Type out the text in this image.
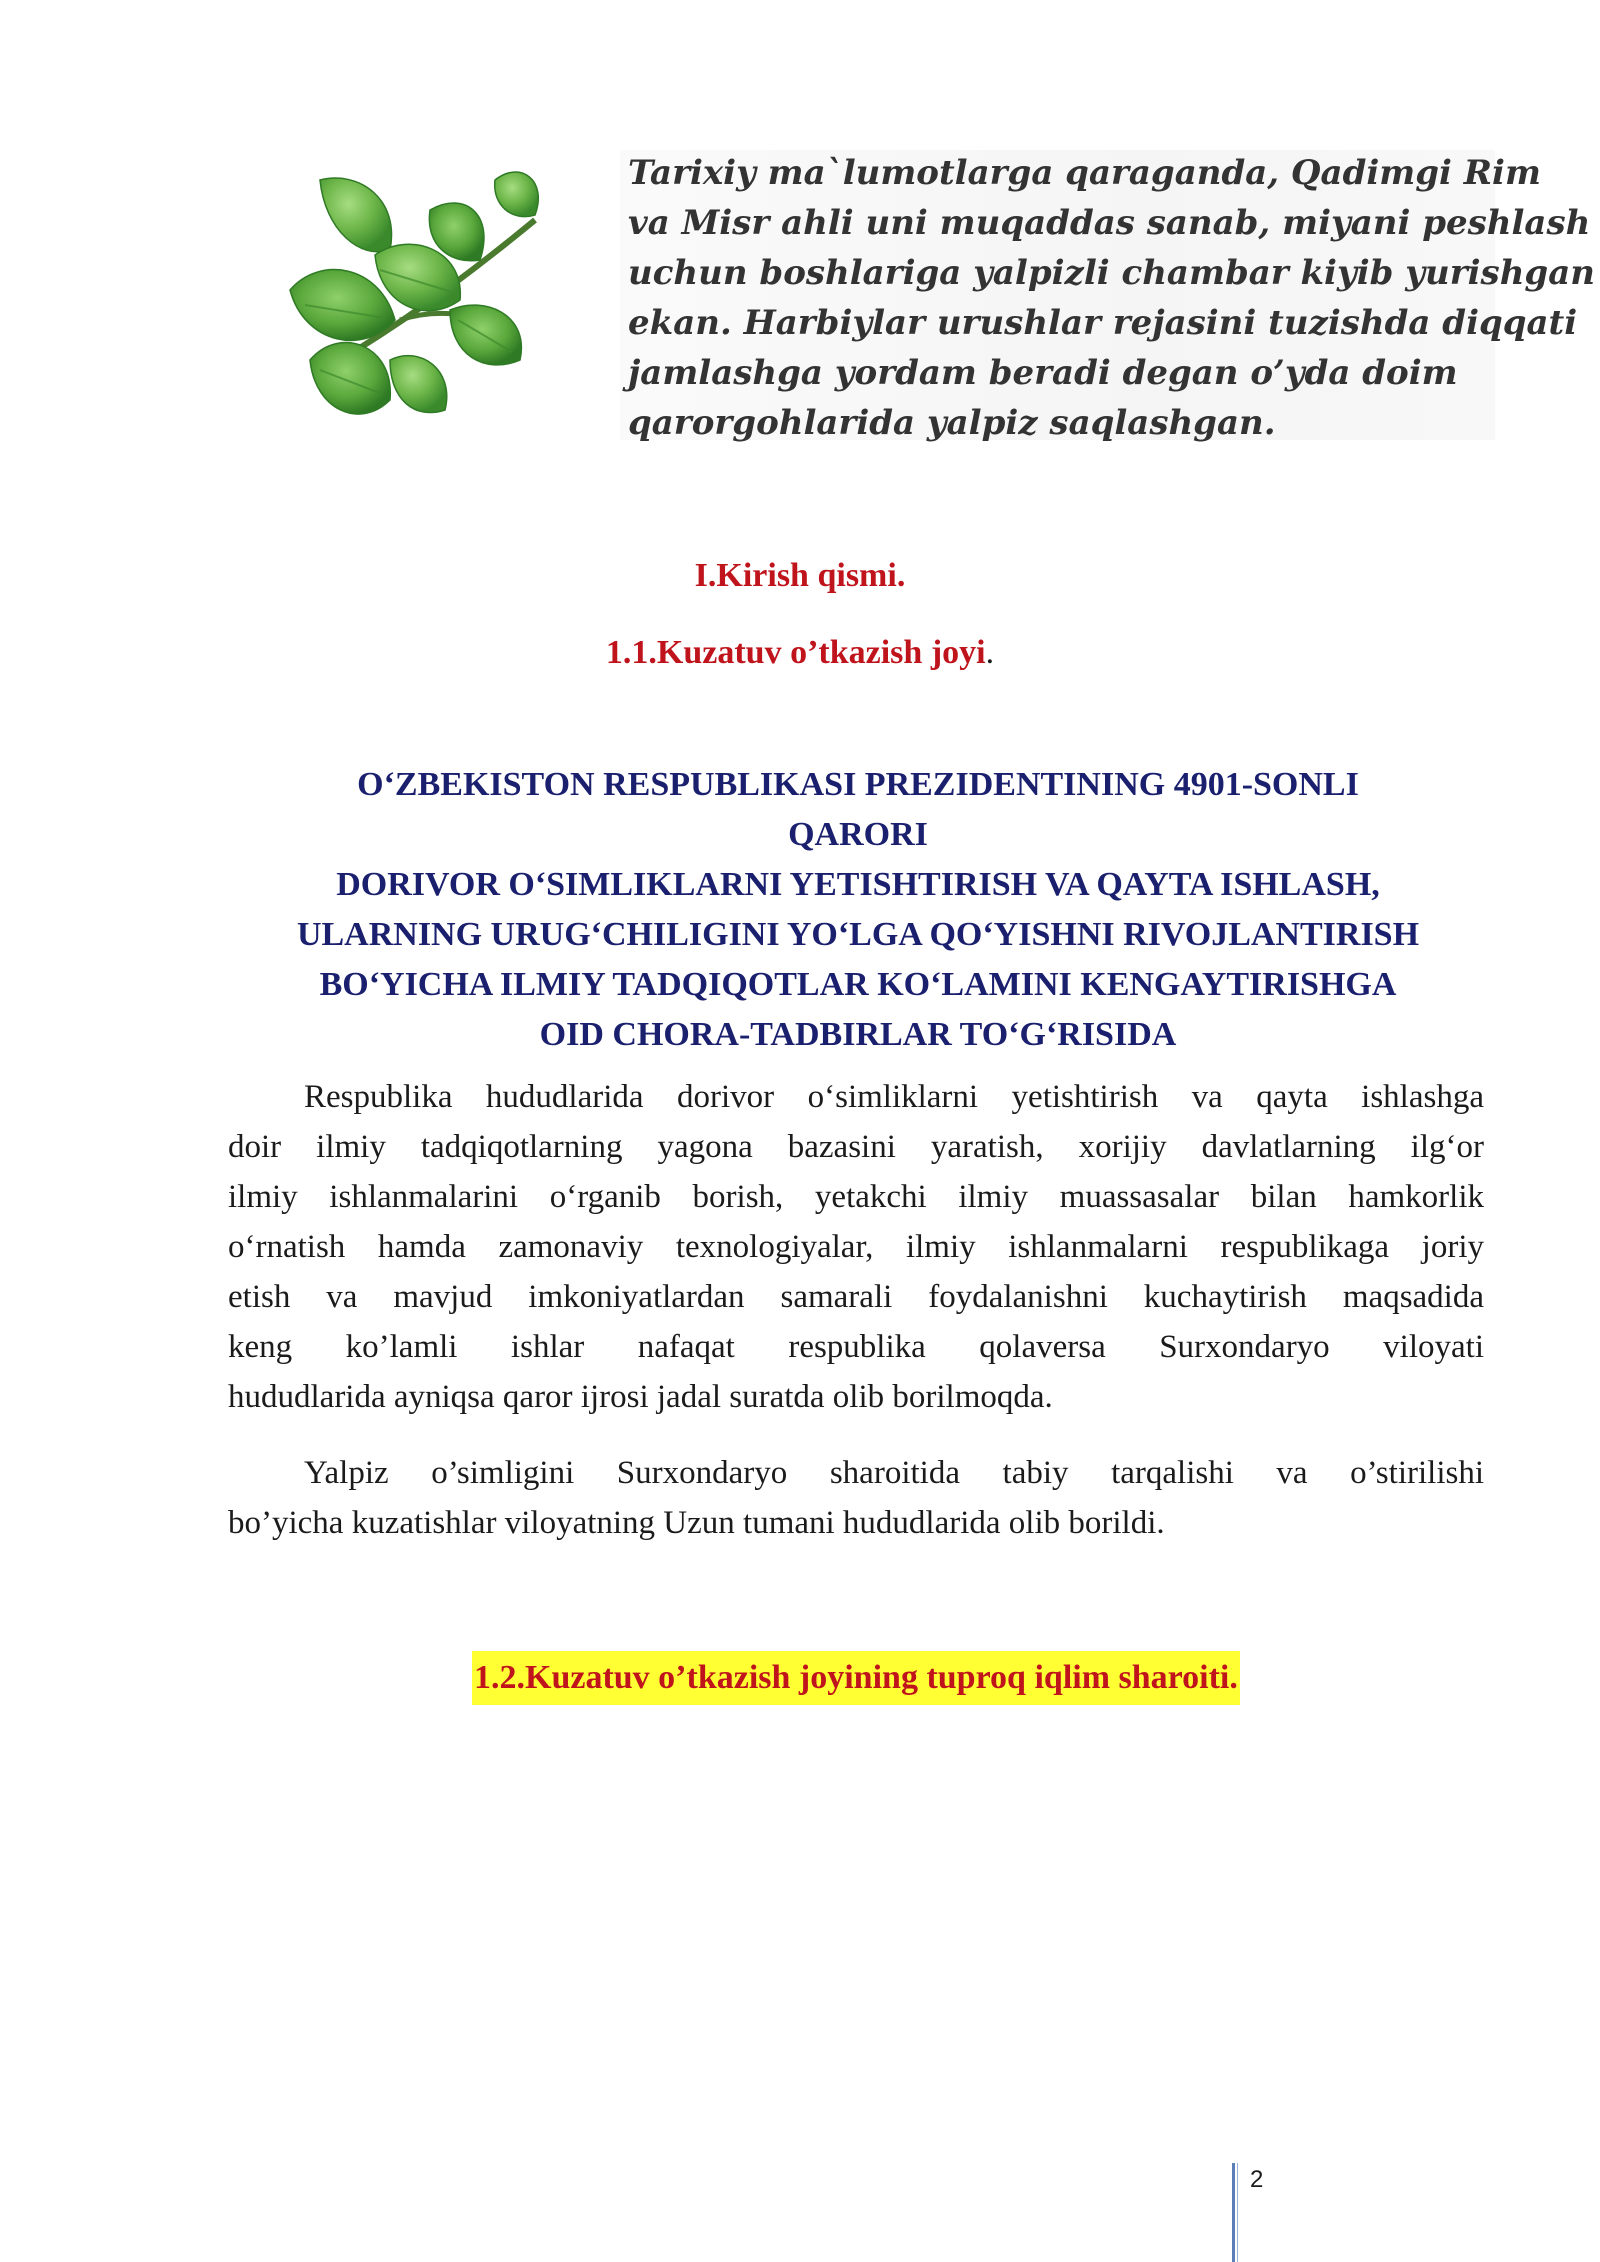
Tarixiy ma`lumotlarga qaraganda, Qadimgi Rim
va Misr ahli uni muqaddas sanab, miyani peshlash
uchun boshlariga yalpizli chambar kiyib yurishgan
ekan. Harbiylar urushlar rejasini tuzishda diqqati
jamlashga yordam beradi degan o’yda doim
qarorgohlarida yalpiz saqlashgan.

I.Kirish qismi.
1.1.Kuzatuv o’tkazish joyi.

O‘ZBEKISTON RESPUBLIKASI PREZIDENTINING 4901-SONLI
QARORI
DORIVOR O‘SIMLIKLARNI YETISHTIRISH VA QAYTA ISHLASH,
ULARNING URUG‘CHILIGINI YO‘LGA QO‘YISHNI RIVOJLANTIRISH
BO‘YICHA ILMIY TADQIQOTLAR KO‘LAMINI KENGAYTIRISHGA
OID CHORA-TADBIRLAR TO‘G‘RISIDA

Respublika hududlarida dorivor o‘simliklarni yetishtirish va qayta ishlashga
doir ilmiy tadqiqotlarning yagona bazasini yaratish, xorijiy davlatlarning ilg‘or
ilmiy ishlanmalarini o‘rganib borish, yetakchi ilmiy muassasalar bilan hamkorlik
o‘rnatish hamda zamonaviy texnologiyalar, ilmiy ishlanmalarni respublikaga joriy
etish va mavjud imkoniyatlardan samarali foydalanishni kuchaytirish maqsadida
keng ko’lamli ishlar nafaqat respublika qolaversa Surxondaryo viloyati
hududlarida ayniqsa qaror ijrosi jadal suratda olib borilmoqda.

Yalpiz o’simligini Surxondaryo sharoitida tabiy tarqalishi va o’stirilishi
bo’yicha kuzatishlar viloyatning Uzun tumani hududlarida olib borildi.

1.2.Kuzatuv o’tkazish joyining tuproq iqlim sharoiti.
2
